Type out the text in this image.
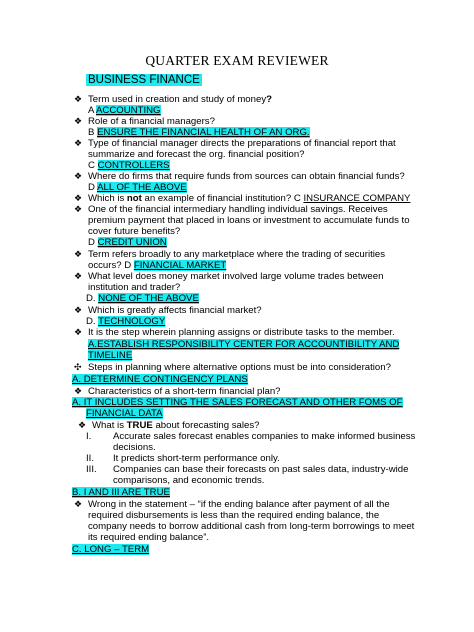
QUARTER EXAM REVIEWER
BUSINESS FINANCE
❖ Term used in creation and study of money?
A ACCOUNTING
❖ Role of a financial managers?
B ENSURE THE FINANCIAL HEALTH OF AN ORG.
❖ Type of financial manager directs the preparations of financial report that
summarize and forecast the org. financial position?
C CONTROLLERS
❖ Where do firms that require funds from sources can obtain financial funds?
D ALL OF THE ABOVE
❖ Which is not an example of financial institution? C INSURANCE COMPANY
❖ One of the financial intermediary handling individual savings. Receives
premium payment that placed in loans or investment to accumulate funds to
cover future benefits?
D CREDIT UNION
❖ Term refers broadly to any marketplace where the trading of securities
occurs? D FINANCIAL MARKET
❖ What level does money market involved large volume trades between
institution and trader?
D. NONE OF THE ABOVE
❖ Which is greatly affects financial market?
D. TECHNOLOGY
❖ It is the step wherein planning assigns or distribute tasks to the member.
A.ESTABLISH RESPONSIBILITY CENTER FOR ACCOUNTIBILITY AND
TIMELINE
✣ Steps in planning where alternative options must be into consideration?
A. DETERMINE CONTINGENCY PLANS
❖ Characteristics of a short-term financial plan?
A. IT INCLUDES SETTING THE SALES FORECAST AND OTHER FOMS OF
FINANCIAL DATA
❖ What is TRUE about forecasting sales?
I. Accurate sales forecast enables companies to make informed business
decisions.
II. It predicts short-term performance only.
III. Companies can base their forecasts on past sales data, industry-wide
comparisons, and economic trends.
B. I AND III ARE TRUE
❖ Wrong in the statement – “if the ending balance after payment of all the
required disbursements is less than the required ending balance, the
company needs to borrow additional cash from long-term borrowings to meet
its required ending balance”.
C. LONG – TERM
